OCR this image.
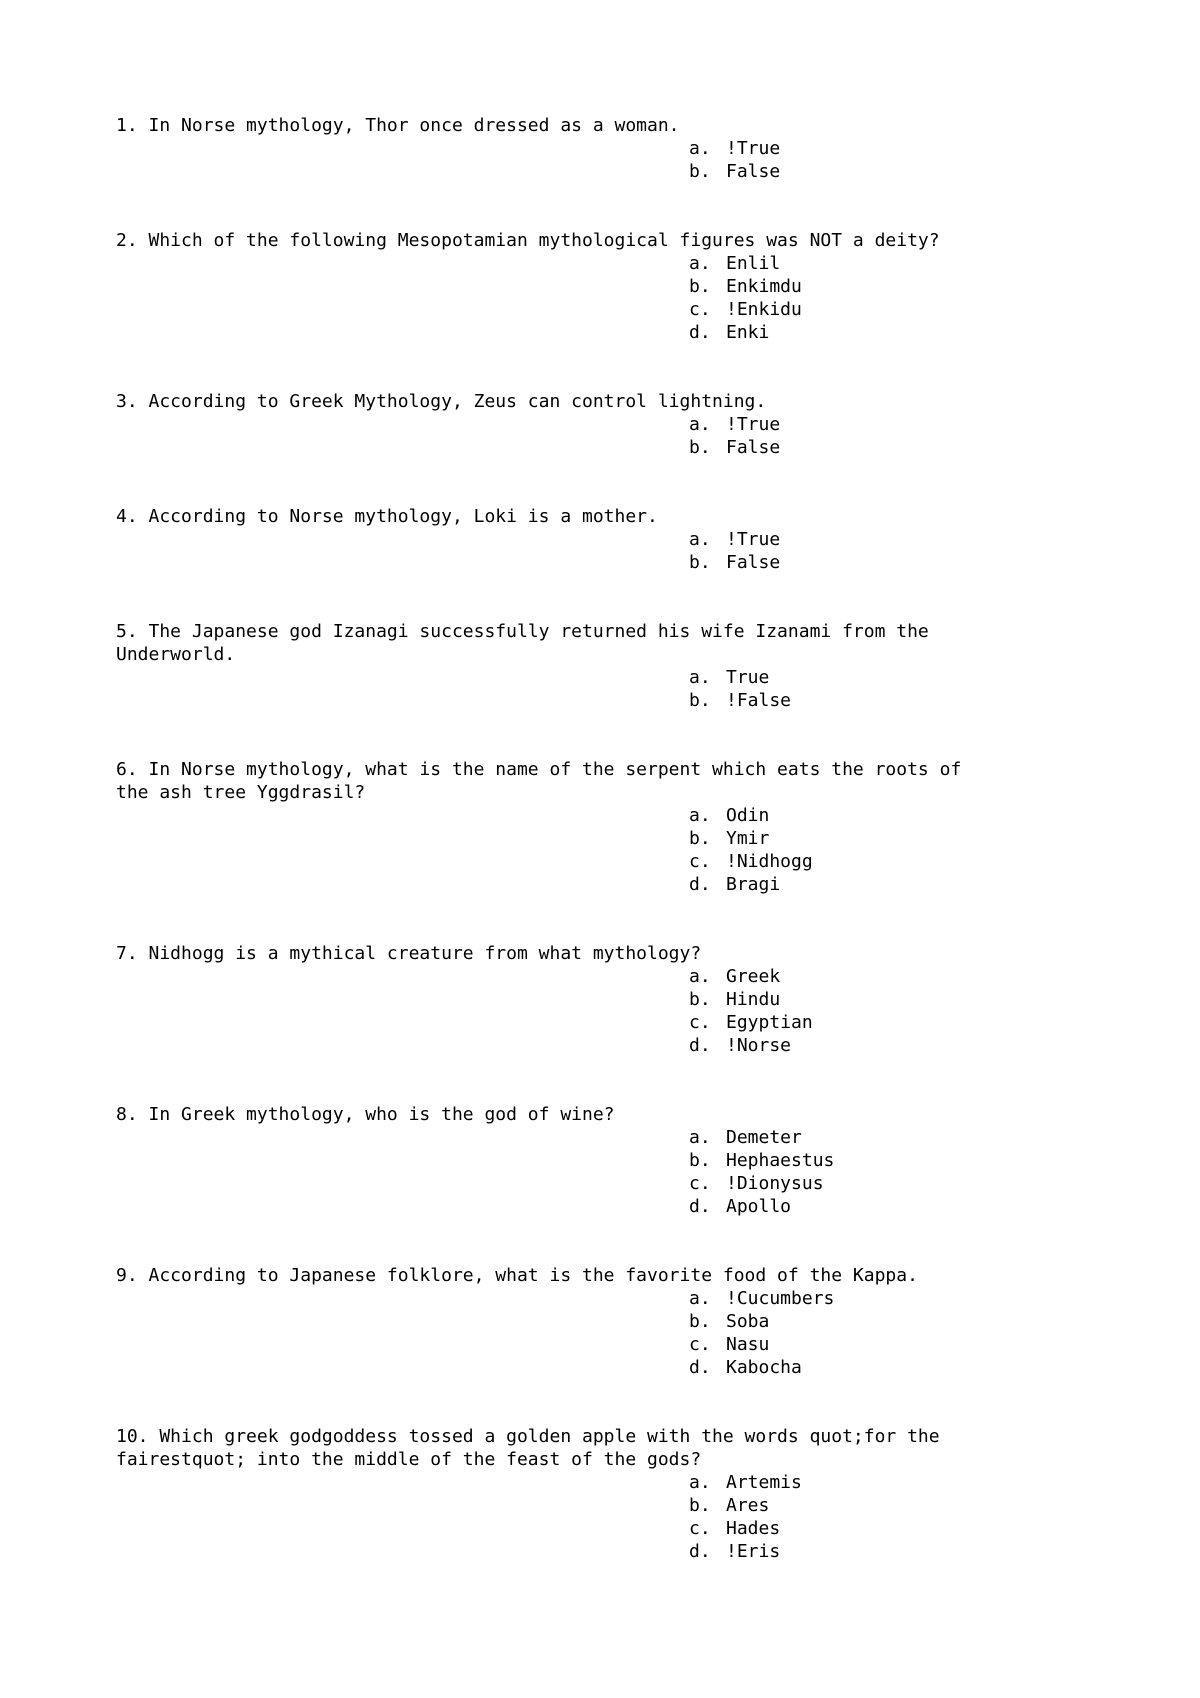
1. In Norse mythology, Thor once dressed as a woman.

a. !True
b. False

2. Which of the following Mesopotamian mythological figures was NOT a deity?

a. Enlil
b. Enkimdu
c. !Enkidu
d. Enki

3. According to Greek Mythology, Zeus can control lightning.

a. !True
b. False

4. According to Norse mythology, Loki is a mother.

a. !True
b. False

5. The Japanese god Izanagi successfully returned his wife Izanami from the
Underworld.

a. True
b. !False

6. In Norse mythology, what is the name of the serpent which eats the roots of
the ash tree Yggdrasil?

a. Odin
b. Ymir
c. !Nidhogg
d. Bragi

7. Nidhogg is a mythical creature from what mythology?

a. Greek
b. Hindu
c. Egyptian
d. !Norse

8. In Greek mythology, who is the god of wine?

a. Demeter
b. Hephaestus
c. !Dionysus
d. Apollo

9. According to Japanese folklore, what is the favorite food of the Kappa.

a. !Cucumbers
b. Soba
c. Nasu
d. Kabocha

10. Which greek godgoddess tossed a golden apple with the words quot;for the
fairestquot; into the middle of the feast of the gods?

a. Artemis
b. Ares
c. Hades
d. !Eris
